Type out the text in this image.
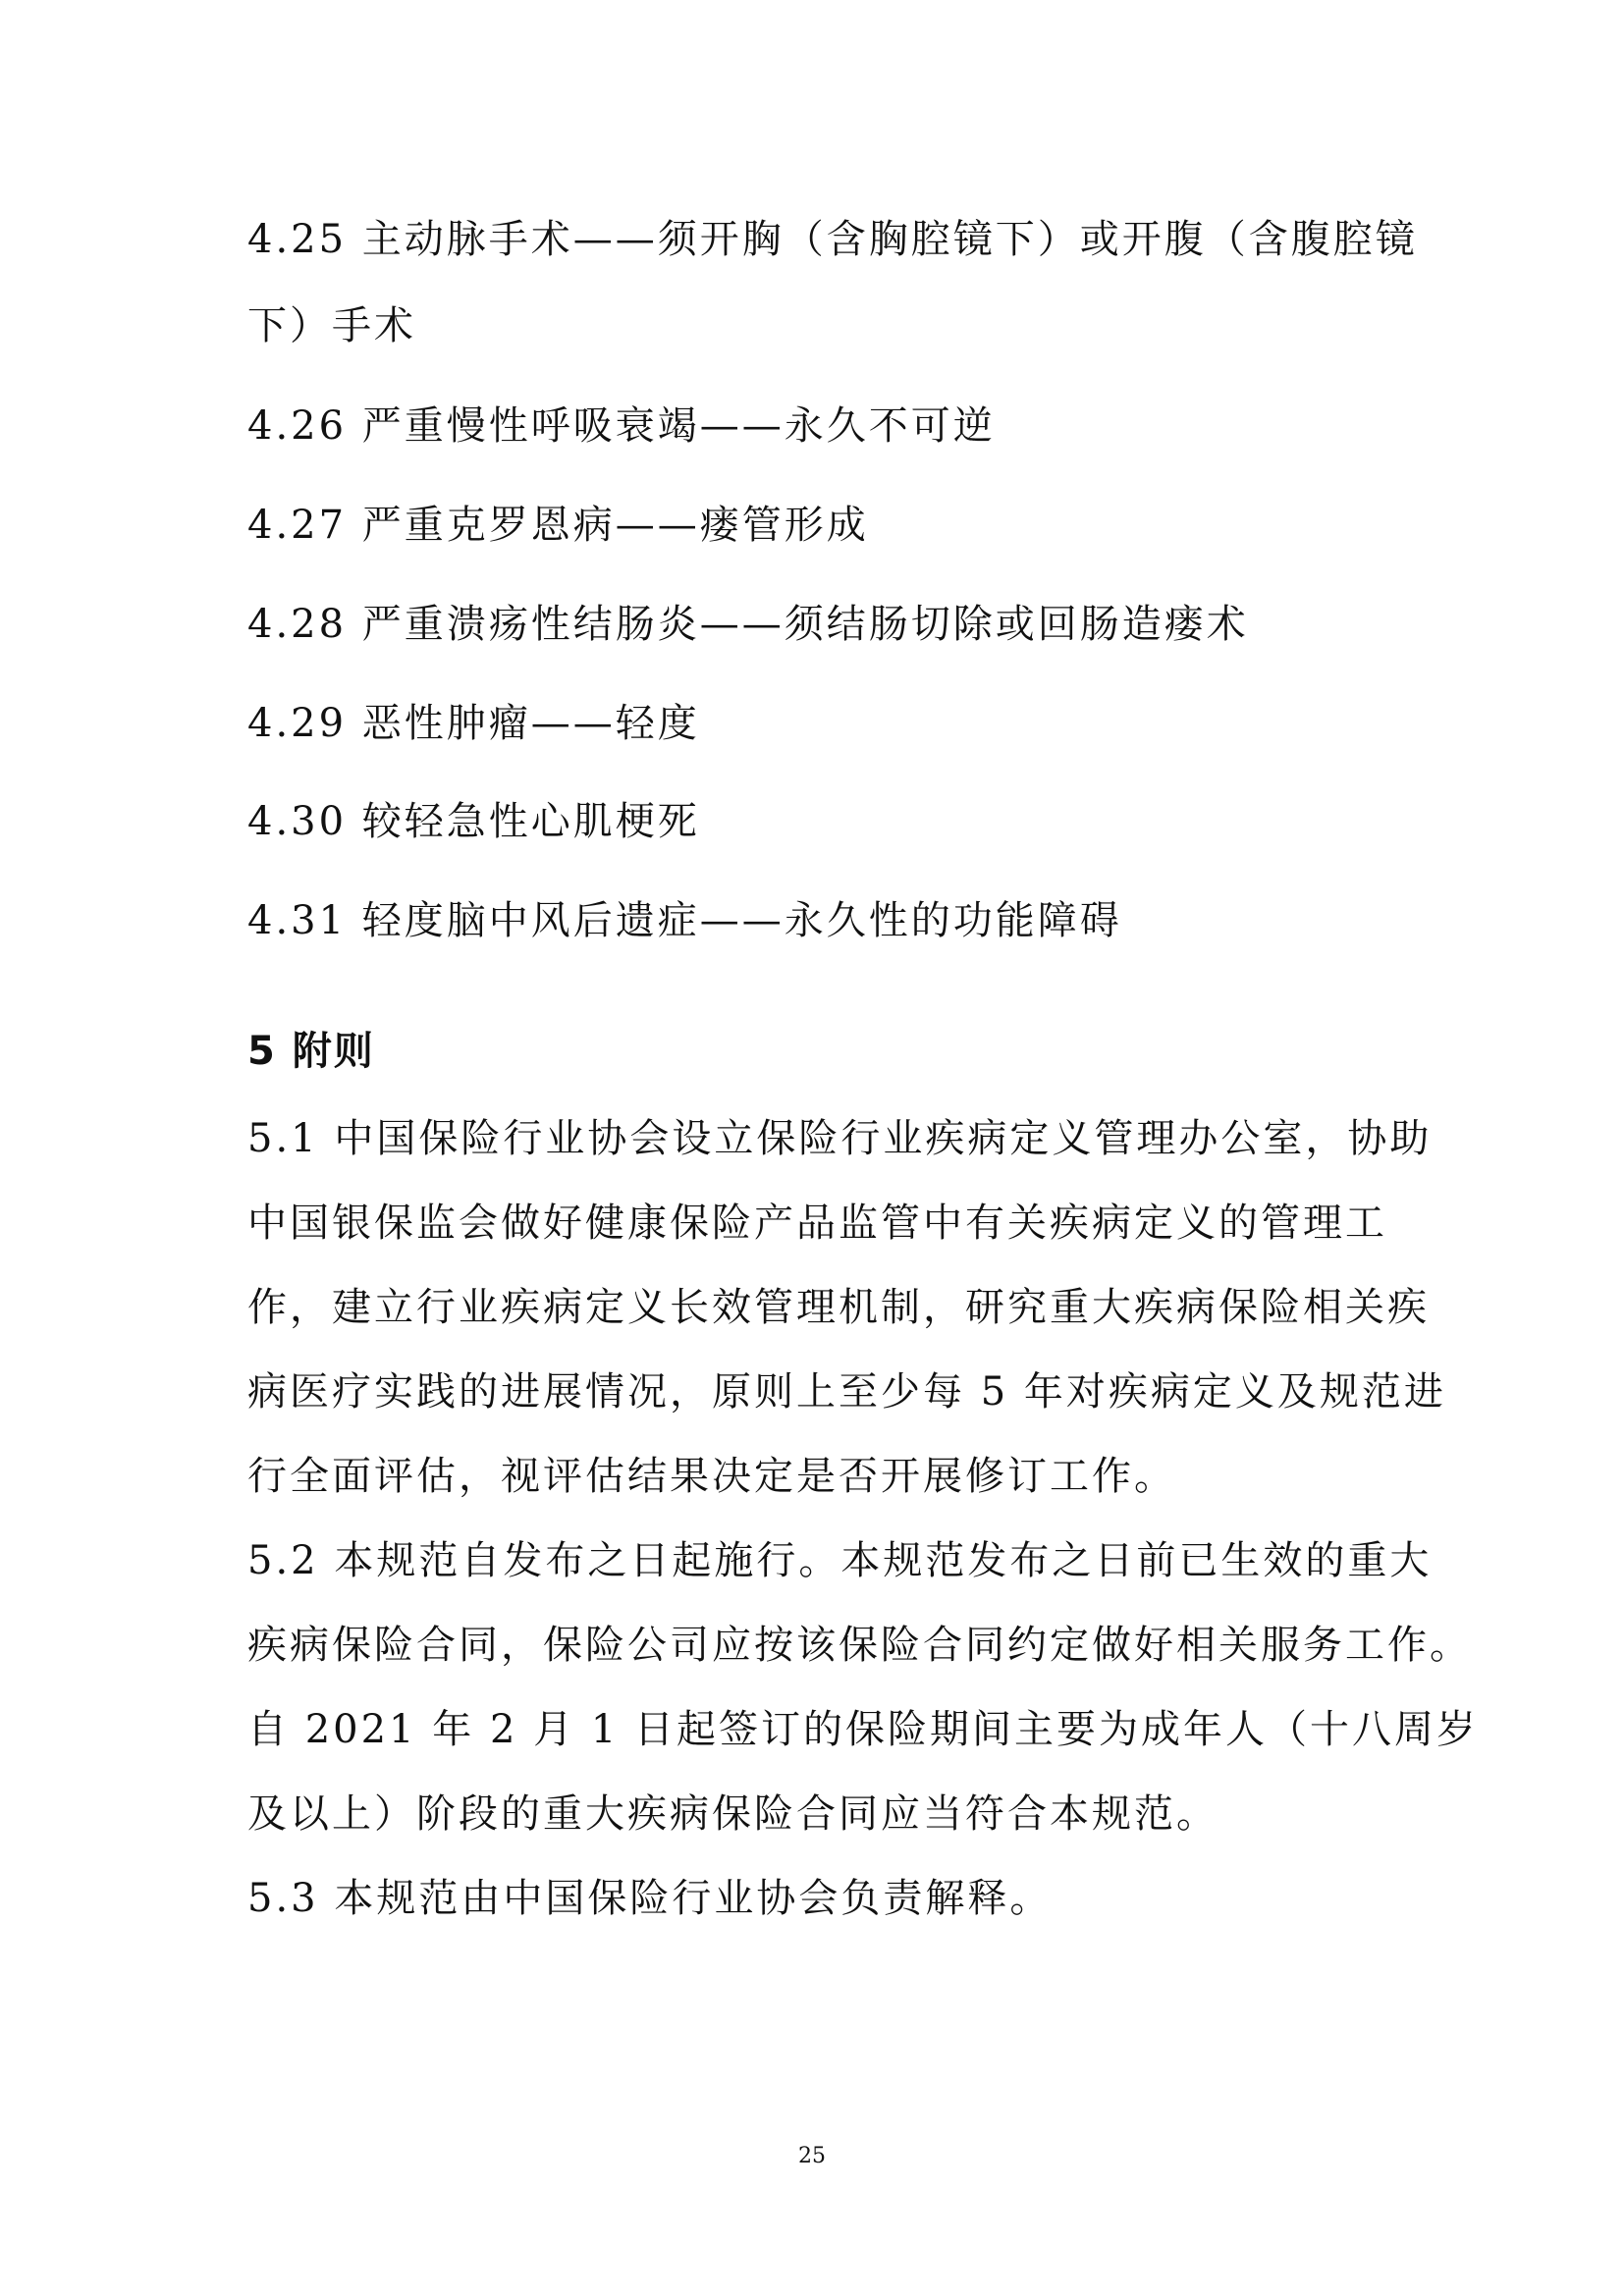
4.25 主动脉手术——须开胸（含胸腔镜下）或开腹（含腹腔镜
下）手术
4.26 严重慢性呼吸衰竭——永久不可逆
4.27 严重克罗恩病——瘘管形成
4.28 严重溃疡性结肠炎——须结肠切除或回肠造瘘术
4.29 恶性肿瘤——轻度
4.30 较轻急性心肌梗死
4.31 轻度脑中风后遗症——永久性的功能障碍
5 附则
5.1 中国保险行业协会设立保险行业疾病定义管理办公室，协助
中国银保监会做好健康保险产品监管中有关疾病定义的管理工
作，建立行业疾病定义长效管理机制，研究重大疾病保险相关疾
病医疗实践的进展情况，原则上至少每 5 年对疾病定义及规范进
行全面评估，视评估结果决定是否开展修订工作。
5.2 本规范自发布之日起施行。本规范发布之日前已生效的重大
疾病保险合同，保险公司应按该保险合同约定做好相关服务工作。
自 2021 年 2 月 1 日起签订的保险期间主要为成年人（十八周岁
及以上）阶段的重大疾病保险合同应当符合本规范。
5.3 本规范由中国保险行业协会负责解释。
25
